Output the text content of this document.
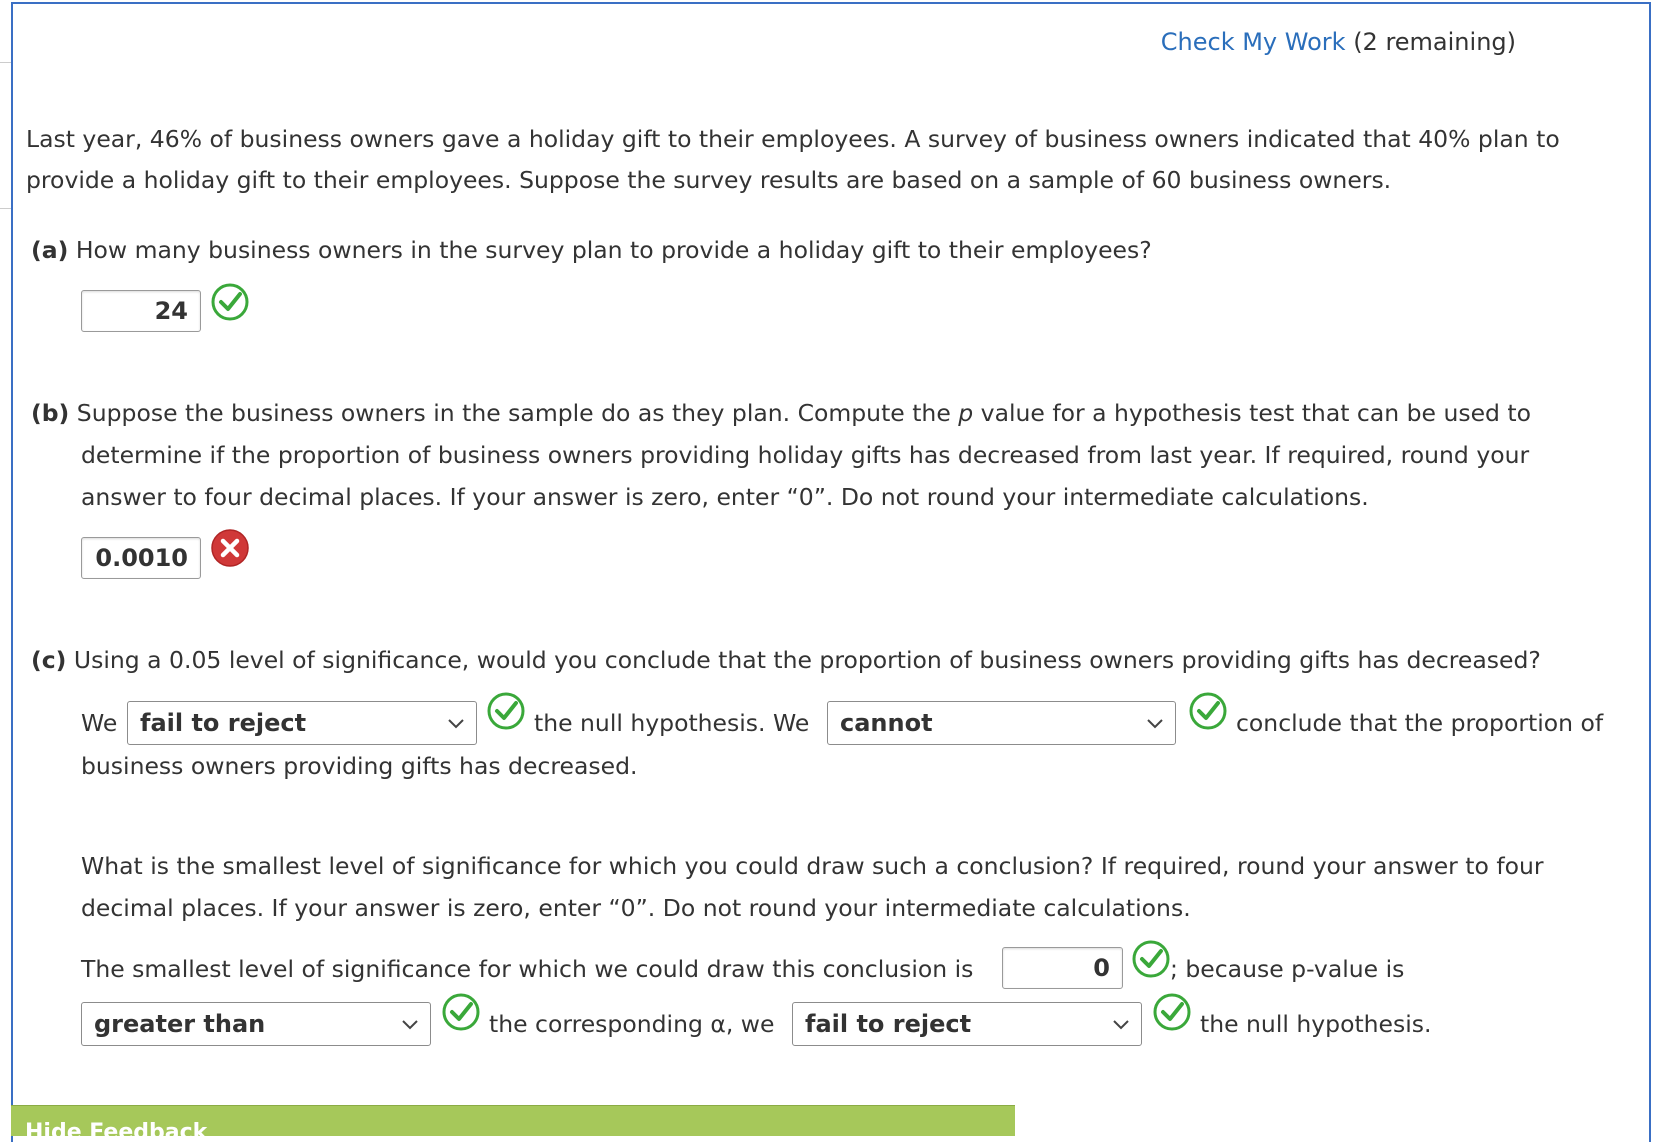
Check My Work (2 remaining)
Last year, 46% of business owners gave a holiday gift to their employees. A survey of business owners indicated that 40% plan to
provide a holiday gift to their employees. Suppose the survey results are based on a sample of 60 business owners.
(a) How many business owners in the survey plan to provide a holiday gift to their employees?
24
(b) Suppose the business owners in the sample do as they plan. Compute the p value for a hypothesis test that can be used to
determine if the proportion of business owners providing holiday gifts has decreased from last year. If required, round your
answer to four decimal places. If your answer is zero, enter “0”. Do not round your intermediate calculations.
0.0010
(c) Using a 0.05 level of significance, would you conclude that the proportion of business owners providing gifts has decreased?
We fail to reject	the null hypothesis. We	cannot	conclude that the proportion of
business owners providing gifts has decreased.
What is the smallest level of significance for which you could draw such a conclusion? If required, round your answer to four
decimal places. If your answer is zero, enter “0”. Do not round your intermediate calculations.
The smallest level of significance for which we could draw this conclusion is	0	; because p-value is
greater than	the corresponding α, we	fail to reject	the null hypothesis.
Hide Feedback
